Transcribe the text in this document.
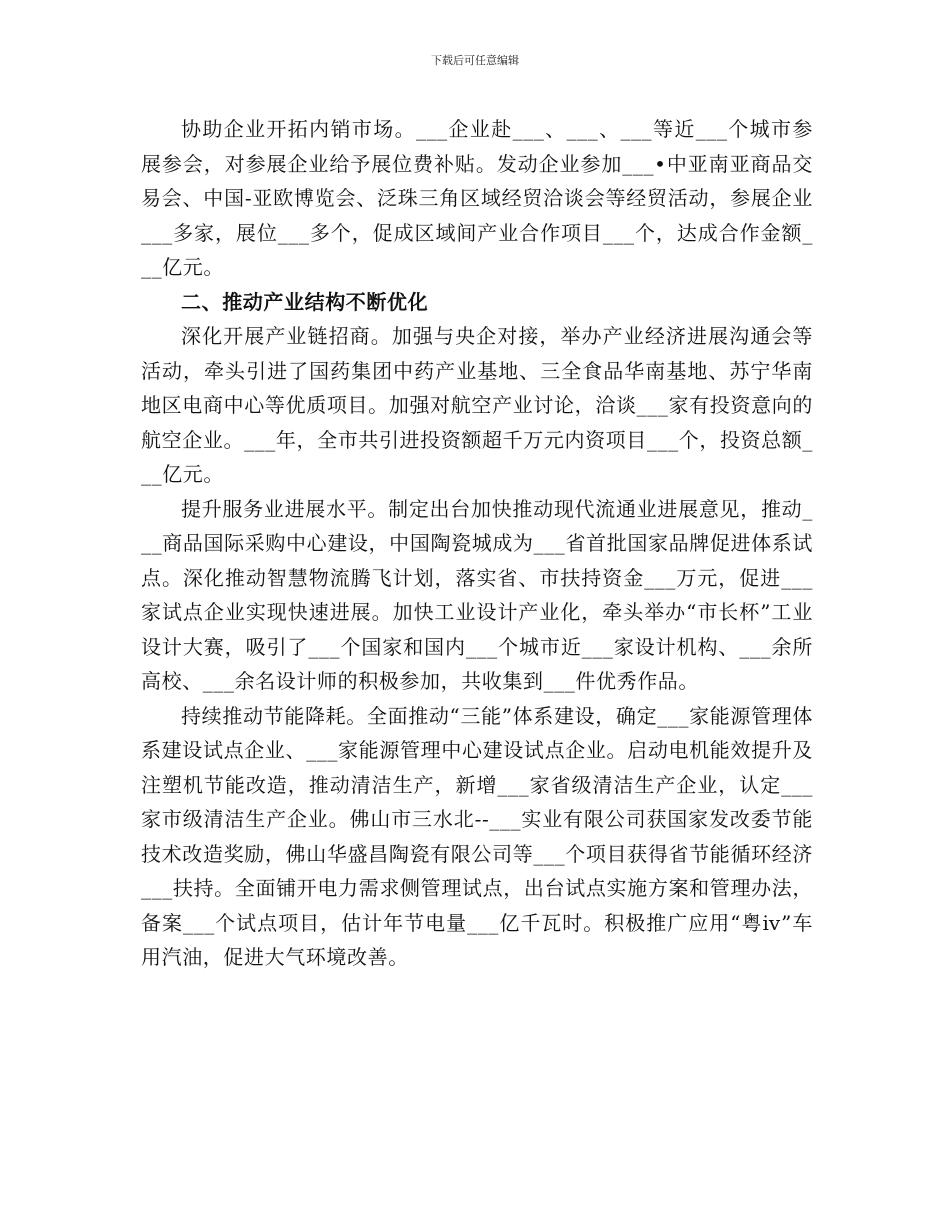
下载后可任意编辑

协助企业开拓内销市场。___企业赴___、___、___等近___个城市参展参会，对参展企业给予展位费补贴。发动企业参加___•中亚南亚商品交易会、中国-亚欧博览会、泛珠三角区域经贸洽谈会等经贸活动，参展企业___多家，展位___多个，促成区域间产业合作项目___个，达成合作金额___亿元。

二、推动产业结构不断优化

深化开展产业链招商。加强与央企对接，举办产业经济进展沟通会等活动，牵头引进了国药集团中药产业基地、三全食品华南基地、苏宁华南地区电商中心等优质项目。加强对航空产业讨论，洽谈___家有投资意向的航空企业。___年，全市共引进投资额超千万元内资项目___个，投资总额___亿元。

提升服务业进展水平。制定出台加快推动现代流通业进展意见，推动___商品国际采购中心建设，中国陶瓷城成为___省首批国家品牌促进体系试点。深化推动智慧物流腾飞计划，落实省、市扶持资金___万元，促进___家试点企业实现快速进展。加快工业设计产业化，牵头举办“市长杯”工业设计大赛，吸引了___个国家和国内___个城市近___家设计机构、___余所高校、___余名设计师的积极参加，共收集到___件优秀作品。

持续推动节能降耗。全面推动“三能”体系建设，确定___家能源管理体系建设试点企业、___家能源管理中心建设试点企业。启动电机能效提升及注塑机节能改造，推动清洁生产，新增___家省级清洁生产企业，认定___家市级清洁生产企业。佛山市三水北--___实业有限公司获国家发改委节能技术改造奖励，佛山华盛昌陶瓷有限公司等___个项目获得省节能循环经济___扶持。全面铺开电力需求侧管理试点，出台试点实施方案和管理办法，备案___个试点项目，估计年节电量___亿千瓦时。积极推广应用“粤ⅳ”车用汽油，促进大气环境改善。
